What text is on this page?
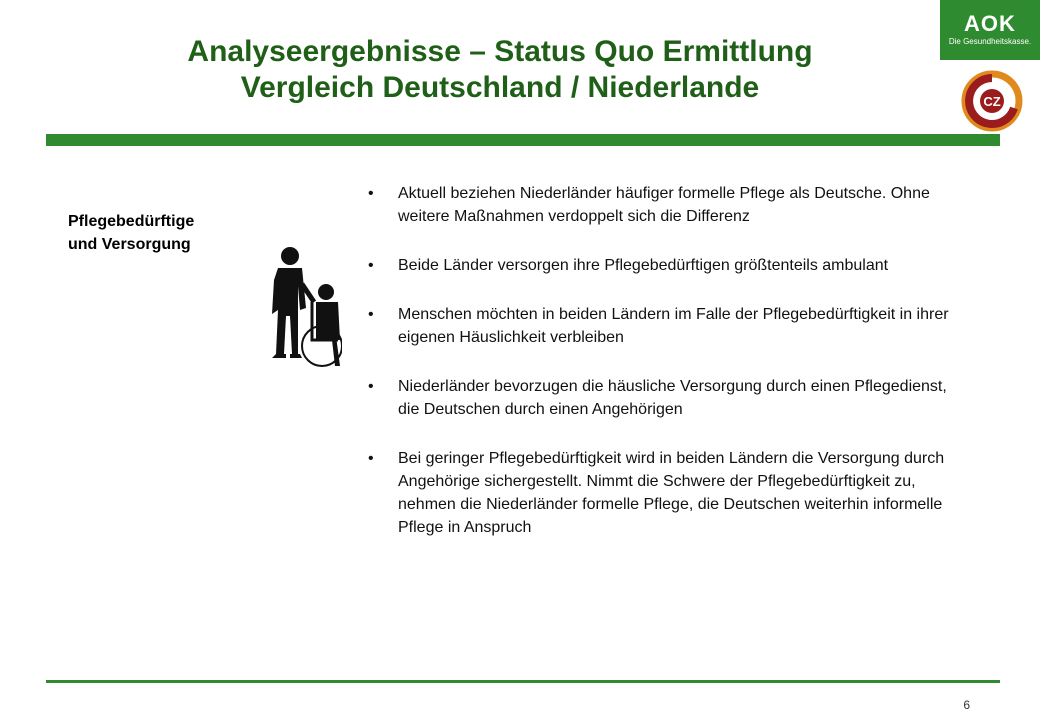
Analyseergebnisse – Status Quo Ermittlung
Vergleich Deutschland / Niederlande
AOK
Die Gesundheitskasse.
CZ
Pflegebedürftige
und Versorgung
• Aktuell beziehen Niederländer häufiger formelle Pflege als Deutsche. Ohne weitere Maßnahmen verdoppelt sich die Differenz
• Beide Länder versorgen ihre Pflegebedürftigen größtenteils ambulant
• Menschen möchten in beiden Ländern im Falle der Pflegebedürftigkeit in ihrer eigenen Häuslichkeit verbleiben
• Niederländer bevorzugen die häusliche Versorgung durch einen Pflegedienst, die Deutschen durch einen Angehörigen
• Bei geringer Pflegebedürftigkeit wird in beiden Ländern die Versorgung durch Angehörige sichergestellt. Nimmt die Schwere der Pflegebedürftigkeit zu, nehmen die Niederländer formelle Pflege, die Deutschen weiterhin informelle Pflege in Anspruch
6
